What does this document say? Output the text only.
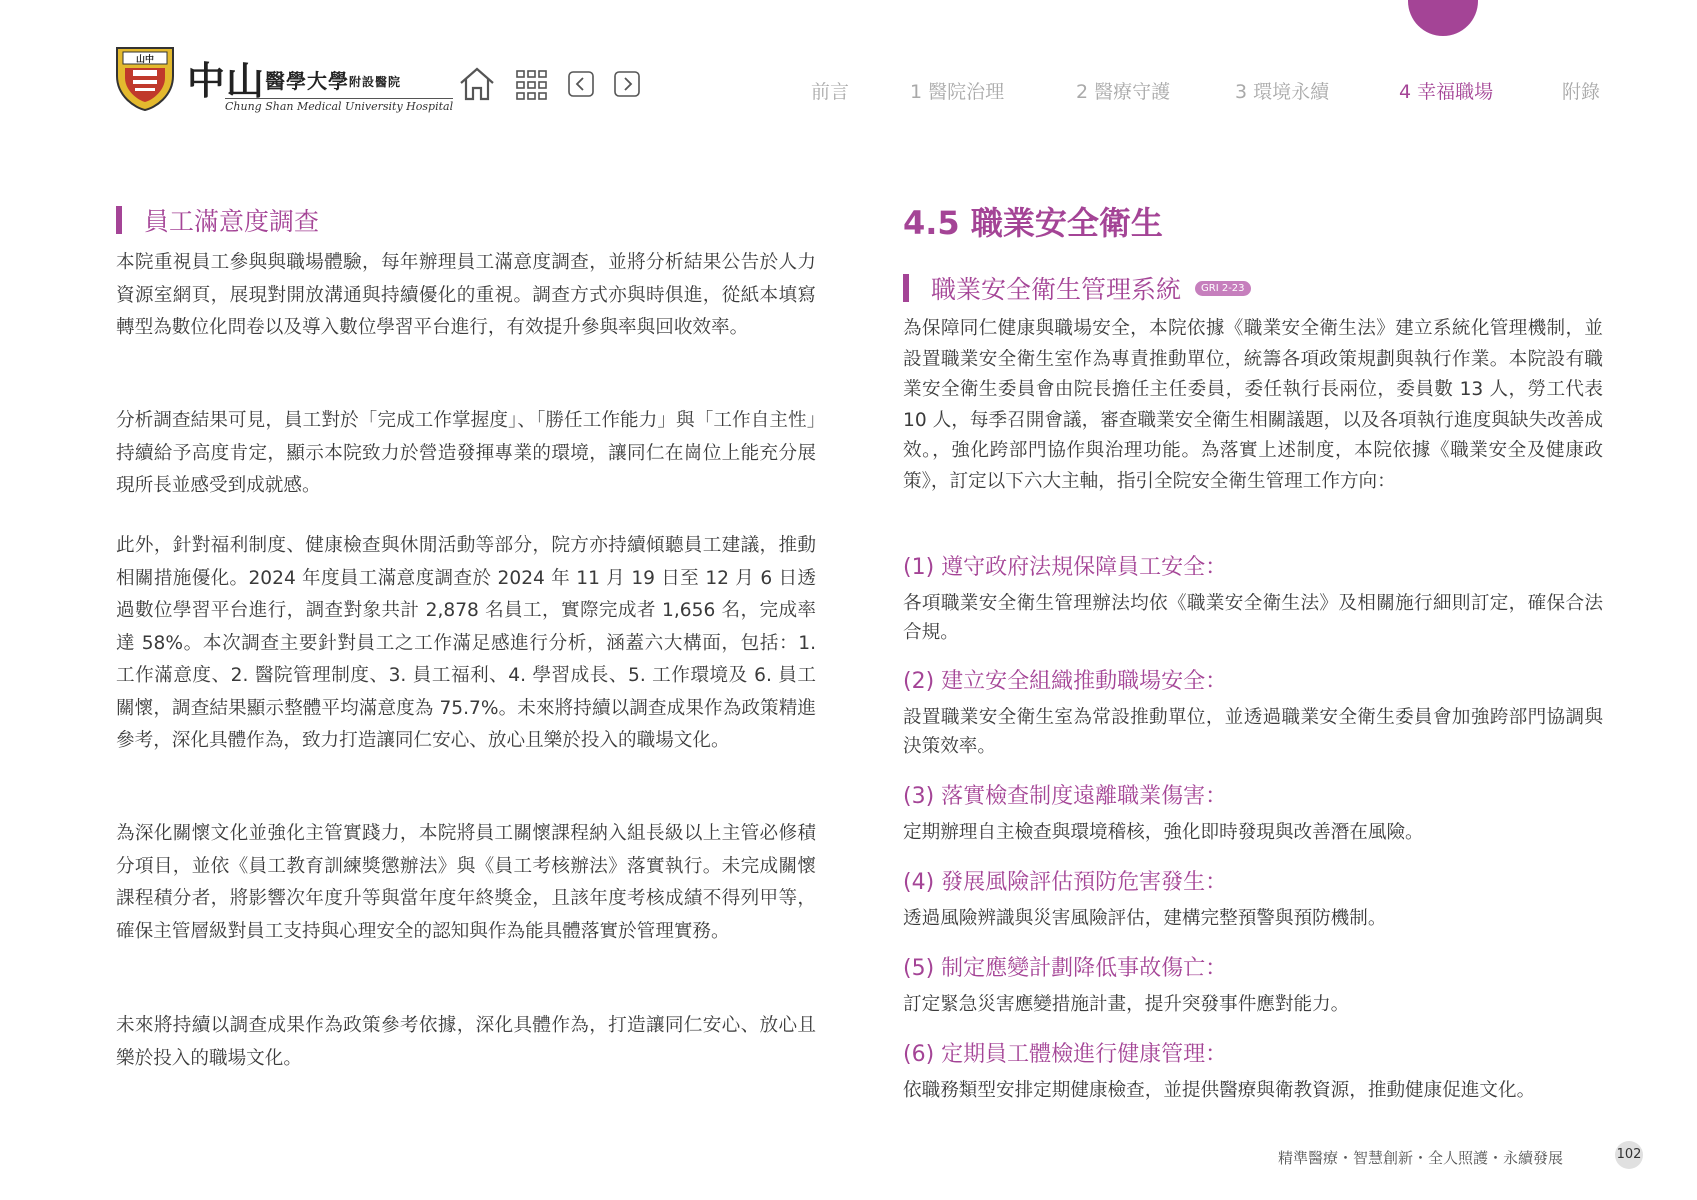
山中 中山醫學大學$^{附設醫院}$
Chung Shan Medical University Hospital
前言	1 醫院治理	2 醫療守護	3 環境永續	4 幸福職場	附錄
員工滿意度調查
本院重視員工參與與職場體驗，每年辦理員工滿意度調查，並將分析結果公告於人力資源室網頁，展現對開放溝通與持續優化的重視。調查方式亦與時俱進，從紙本填寫轉型為數位化問卷以及導入數位學習平台進行，有效提升參與率與回收效率。
分析調查結果可見，員工對於「完成工作掌握度」、「勝任工作能力」與「工作自主性」持續給予高度肯定，顯示本院致力於營造發揮專業的環境，讓同仁在崗位上能充分展現所長並感受到成就感。
此外，針對福利制度、健康檢查與休閒活動等部分，院方亦持續傾聽員工建議，推動相關措施優化。2024 年度員工滿意度調查於 2024 年 11 月 19 日至 12 月 6 日透過數位學習平台進行，調查對象共計 2,878 名員工，實際完成者 1,656 名，完成率達 58%。本次調查主要針對員工之工作滿足感進行分析，涵蓋六大構面，包括：1. 工作滿意度、2. 醫院管理制度、3. 員工福利、4. 學習成長、5. 工作環境及 6. 員工關懷，調查結果顯示整體平均滿意度為 75.7%。未來將持續以調查成果作為政策精進參考，深化具體作為，致力打造讓同仁安心、放心且樂於投入的職場文化。
為深化關懷文化並強化主管實踐力，本院將員工關懷課程納入組長級以上主管必修積分項目，並依《員工教育訓練獎懲辦法》與《員工考核辦法》落實執行。未完成關懷課程積分者，將影響次年度升等與當年度年終獎金，且該年度考核成績不得列甲等，確保主管層級對員工支持與心理安全的認知與作為能具體落實於管理實務。
未來將持續以調查成果作為政策參考依據，深化具體作為，打造讓同仁安心、放心且樂於投入的職場文化。
4.5 職業安全衛生
職業安全衛生管理系統	GRI 2-23
為保障同仁健康與職場安全，本院依據《職業安全衛生法》建立系統化管理機制，並設置職業安全衛生室作為專責推動單位，統籌各項政策規劃與執行作業。本院設有職業安全衛生委員會由院長擔任主任委員，委任執行長兩位，委員數 13 人，勞工代表 10 人，每季召開會議，審查職業安全衛生相關議題，以及各項執行進度與缺失改善成效。，強化跨部門協作與治理功能。為落實上述制度，本院依據《職業安全及健康政策》，訂定以下六大主軸，指引全院安全衛生管理工作方向：
(1) 遵守政府法規保障員工安全：
各項職業安全衛生管理辦法均依《職業安全衛生法》及相關施行細則訂定，確保合法合規。
(2) 建立安全組織推動職場安全：
設置職業安全衛生室為常設推動單位，並透過職業安全衛生委員會加強跨部門協調與決策效率。
(3) 落實檢查制度遠離職業傷害：
定期辦理自主檢查與環境稽核，強化即時發現與改善潛在風險。
(4) 發展風險評估預防危害發生：
透過風險辨識與災害風險評估，建構完整預警與預防機制。
(5) 制定應變計劃降低事故傷亡：
訂定緊急災害應變措施計畫，提升突發事件應對能力。
(6) 定期員工體檢進行健康管理：
依職務類型安排定期健康檢查，並提供醫療與衛教資源，推動健康促進文化。
精準醫療・智慧創新・全人照護・永續發展	102
